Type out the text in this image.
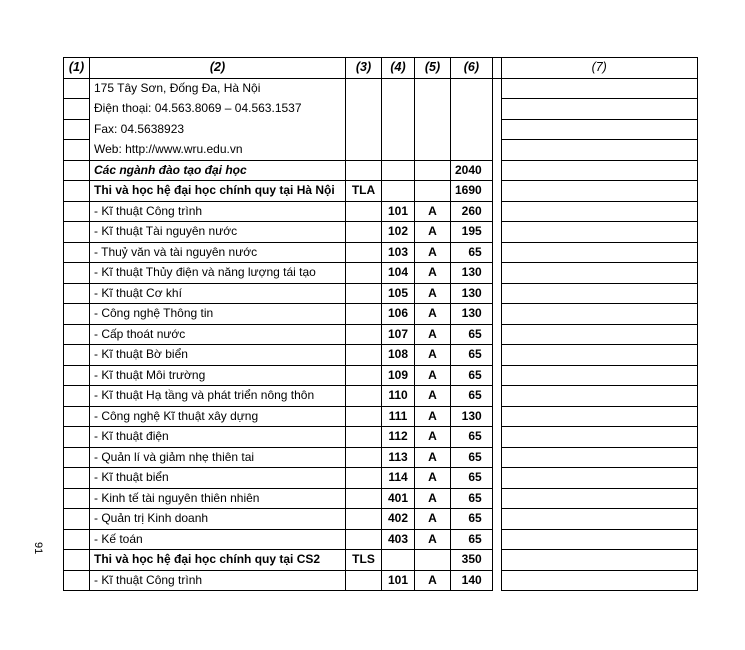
(1)	(2)	(3)	(4)	(5)	(6)		(7)
	175 Tây Sơn, Đống Đa, Hà Nội						
	Điện thoại: 04.563.8069 – 04.563.1537						
	Fax: 04.5638923						
	Web: http://www.wru.edu.vn						
	Các ngành đào tạo đại học				2040		
	Thi và học hệ đại học chính quy tại Hà Nội	TLA			1690		
	- Kĩ thuật Công trình		101	A	260		
	- Kĩ thuật Tài nguyên nước		102	A	195		
	- Thuỷ văn và tài nguyên nước		103	A	65		
	- Kĩ thuật Thủy điện và năng lượng tái tạo		104	A	130		
	- Kĩ thuật Cơ khí		105	A	130		
	- Công nghệ Thông tin		106	A	130		
	- Cấp thoát nước		107	A	65		
	- Kĩ thuật Bờ biển		108	A	65		
	- Kĩ thuật Môi trường		109	A	65		
	- Kĩ thuật Hạ tầng và phát triển nông thôn		110	A	65		
	- Công nghệ Kĩ thuật xây dựng		111	A	130		
	- Kĩ thuật điện		112	A	65		
	- Quản lí và giảm nhẹ thiên tai		113	A	65		
	- Kĩ thuật biển		114	A	65		
	- Kinh tế tài nguyên thiên nhiên		401	A	65		
	- Quản trị Kinh doanh		402	A	65		
	- Kế toán		403	A	65		
	Thi và học hệ đại học chính quy tại CS2	TLS			350		
	- Kĩ thuật Công trình		101	A	140		
91
